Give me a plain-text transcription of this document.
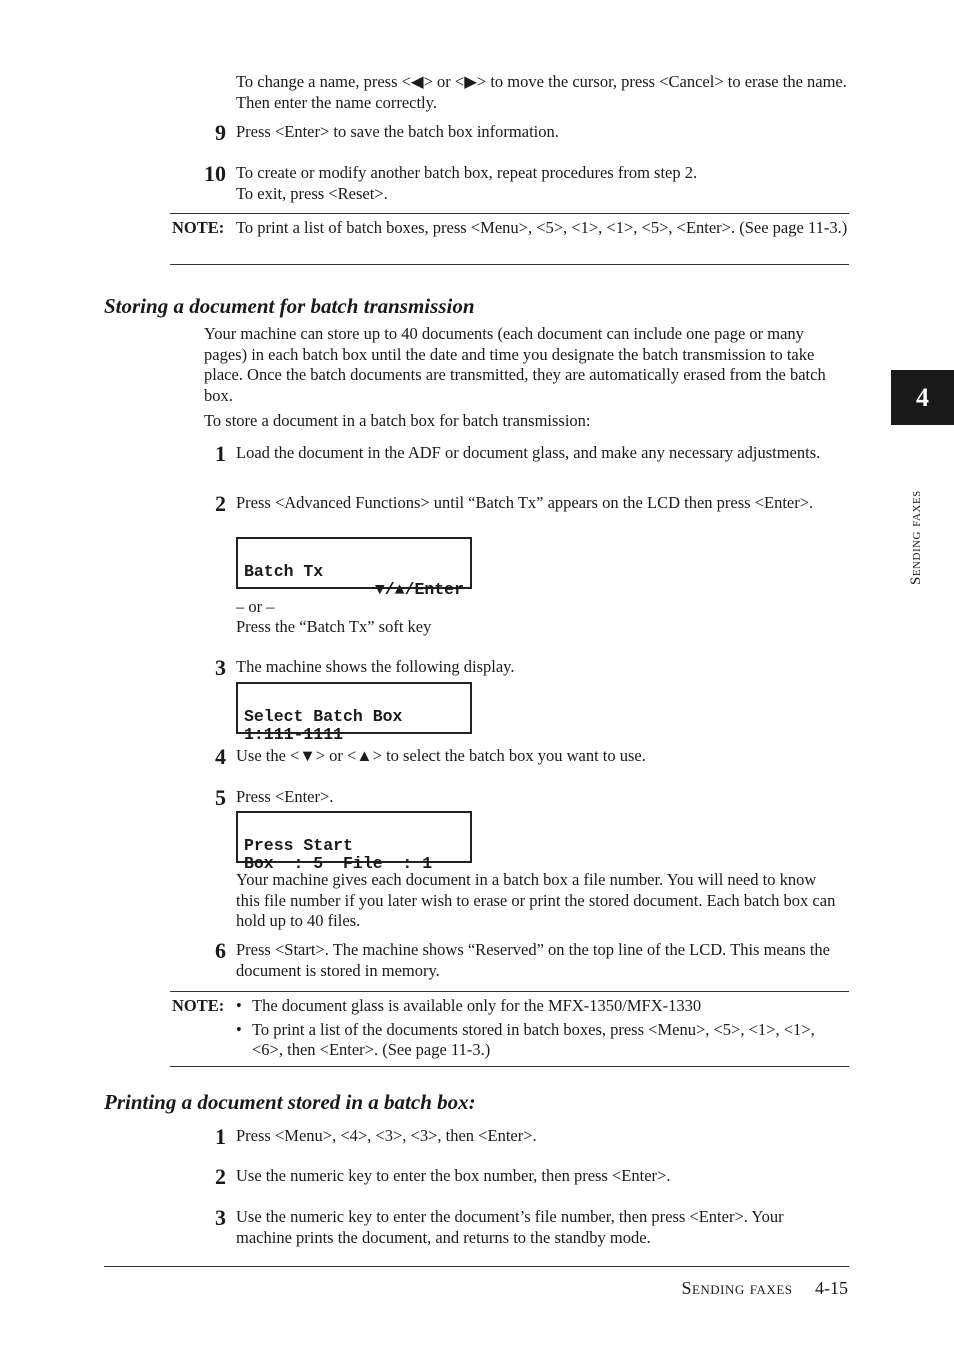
To change a name, press <◀> or <▶> to move the cursor, press <Cancel> to erase the name. Then enter the name correctly.
9 Press <Enter> to save the batch box information.
10 To create or modify another batch box, repeat procedures from step 2.
To exit, press <Reset>.
NOTE: To print a list of batch boxes, press <Menu>, <5>, <1>, <1>, <5>, <Enter>. (See page 11-3.)
Storing a document for batch transmission
Your machine can store up to 40 documents (each document can include one page or many pages) in each batch box until the date and time you designate the batch transmission to take place. Once the batch documents are transmitted, they are automatically erased from the batch box.
To store a document in a batch box for batch transmission:
1 Load the document in the ADF or document glass, and make any necessary adjustments.
2 Press <Advanced Functions> until “Batch Tx” appears on the LCD then press <Enter>.

Batch Tx

▼/▲/Enter
– or –
Press the “Batch Tx” soft key
3 The machine shows the following display.

Select Batch Box

1:111-1111
4 Use the <▼> or <▲> to select the batch box you want to use.
5 Press <Enter>.

Press Start

Box  : 5  File  : 1
Your machine gives each document in a batch box a file number. You will need to know this file number if you later wish to erase or print the stored document. Each batch box can hold up to 40 files.
6 Press <Start>. The machine shows “Reserved” on the top line of the LCD. This means the document is stored in memory.
NOTE: • The document glass is available only for the MFX-1350/MFX-1330
• To print a list of the documents stored in batch boxes, press <Menu>, <5>, <1>, <1>, <6>, then <Enter>. (See page 11-3.)
Printing a document stored in a batch box:
1 Press <Menu>, <4>, <3>, <3>, then <Enter>.
2 Use the numeric key to enter the box number, then press <Enter>.
3 Use the numeric key to enter the document’s file number, then press <Enter>. Your machine prints the document, and returns to the standby mode.
Sending faxes 4-15
4
Sending faxes
